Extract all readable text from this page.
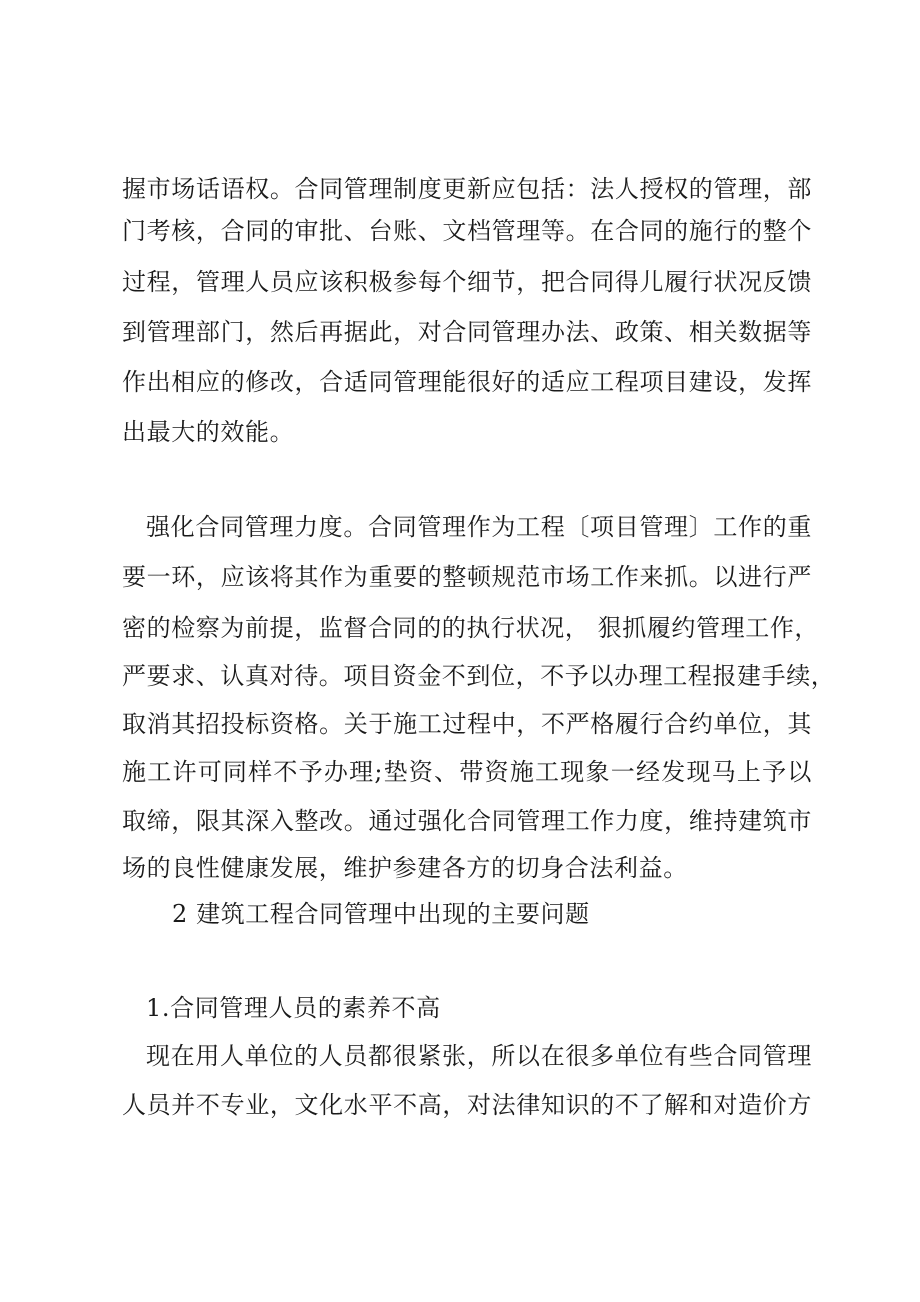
握市场话语权。合同管理制度更新应包括：法人授权的管理，部
门考核，合同的审批、台账、文档管理等。在合同的施行的整个
过程，管理人员应该积极参每个细节，把合同得儿履行状况反馈
到管理部门，然后再据此，对合同管理办法、政策、相关数据等
作出相应的修改，合适同管理能很好的适应工程项目建设，发挥
出最大的效能。
强化合同管理力度。合同管理作为工程〔项目管理〕工作的重
要一环，应该将其作为重要的整顿规范市场工作来抓。以进行严
密的检察为前提，监督合同的的执行状况， 狠抓履约管理工作，
严要求、认真对待。项目资金不到位，不予以办理工程报建手续，
取消其招投标资格。关于施工过程中，不严格履行合约单位，其
施工许可同样不予办理;垫资、带资施工现象一经发现马上予以
取缔，限其深入整改。通过强化合同管理工作力度，维持建筑市
场的良性健康发展，维护参建各方的切身合法利益。
2 建筑工程合同管理中出现的主要问题
1.合同管理人员的素养不高
现在用人单位的人员都很紧张，所以在很多单位有些合同管理
人员并不专业，文化水平不高，对法律知识的不了解和对造价方
